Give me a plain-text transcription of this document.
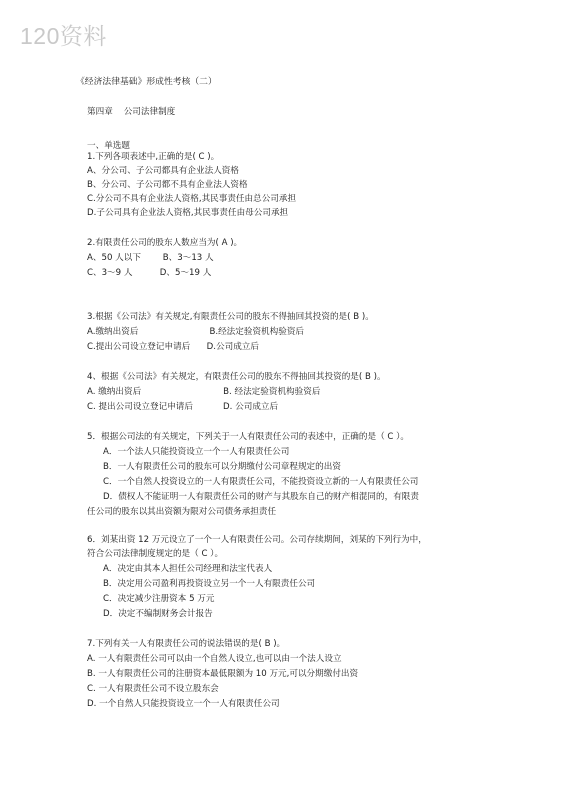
120资料
《经济法律基础》形成性考核（二）
第四章    公司法律制度
一、单选题
1.下列各项表述中,正确的是( C )。
A、分公司、子公司都具有企业法人资格
B、分公司、子公司都不具有企业法人资格
C.分公司不具有企业法人资格,其民事责任由总公司承担
D.子公司具有企业法人资格,其民事责任由母公司承担
2.有限责任公司的股东人数应当为( A )。
A、50 人以下        B、3～13 人
C、3～9 人          D、5～19 人
3.根据《公司法》有关规定,有限责任公司的股东不得抽回其投资的是( B )。
A.缴纳出资后                          B.经法定验资机构验资后
C.提出公司设立登记申请后      D.公司成立后
4、根据《公司法》有关规定，有限责任公司的股东不得抽回其投资的是( B )。
A. 缴纳出资后                              B. 经法定验资机构验资后
C. 提出公司设立登记申请后           D. 公司成立后
5．根据公司法的有关规定，下列关于一人有限责任公司的表述中，正确的是（ C ）。
A．一个法人只能投资设立一个一人有限责任公司
B．一人有限责任公司的股东可以分期缴付公司章程规定的出资
C．一个自然人投资设立的一人有限责任公司，不能投资设立新的一人有限责任公司
D．债权人不能证明一人有限责任公司的财产与其股东自己的财产相混同的，有限责
任公司的股东以其出资额为限对公司债务承担责任
6．刘某出资 12 万元设立了一个一人有限责任公司。公司存续期间，刘某的下列行为中，
符合公司法律制度规定的是（ C ）。
A．决定由其本人担任公司经理和法宝代表人
B．决定用公司盈利再投资设立另一个一人有限责任公司
C．决定减少注册资本 5 万元
D．决定不编制财务会计报告
7.下列有关一人有限责任公司的说法错误的是( B )。
A. 一人有限责任公司可以由一个自然人设立,也可以由一个法人设立
B. 一人有限责任公司的注册资本最低限额为 10 万元,可以分期缴付出资
C. 一人有限责任公司不设立股东会
D. 一个自然人只能投资设立一个一人有限责任公司
